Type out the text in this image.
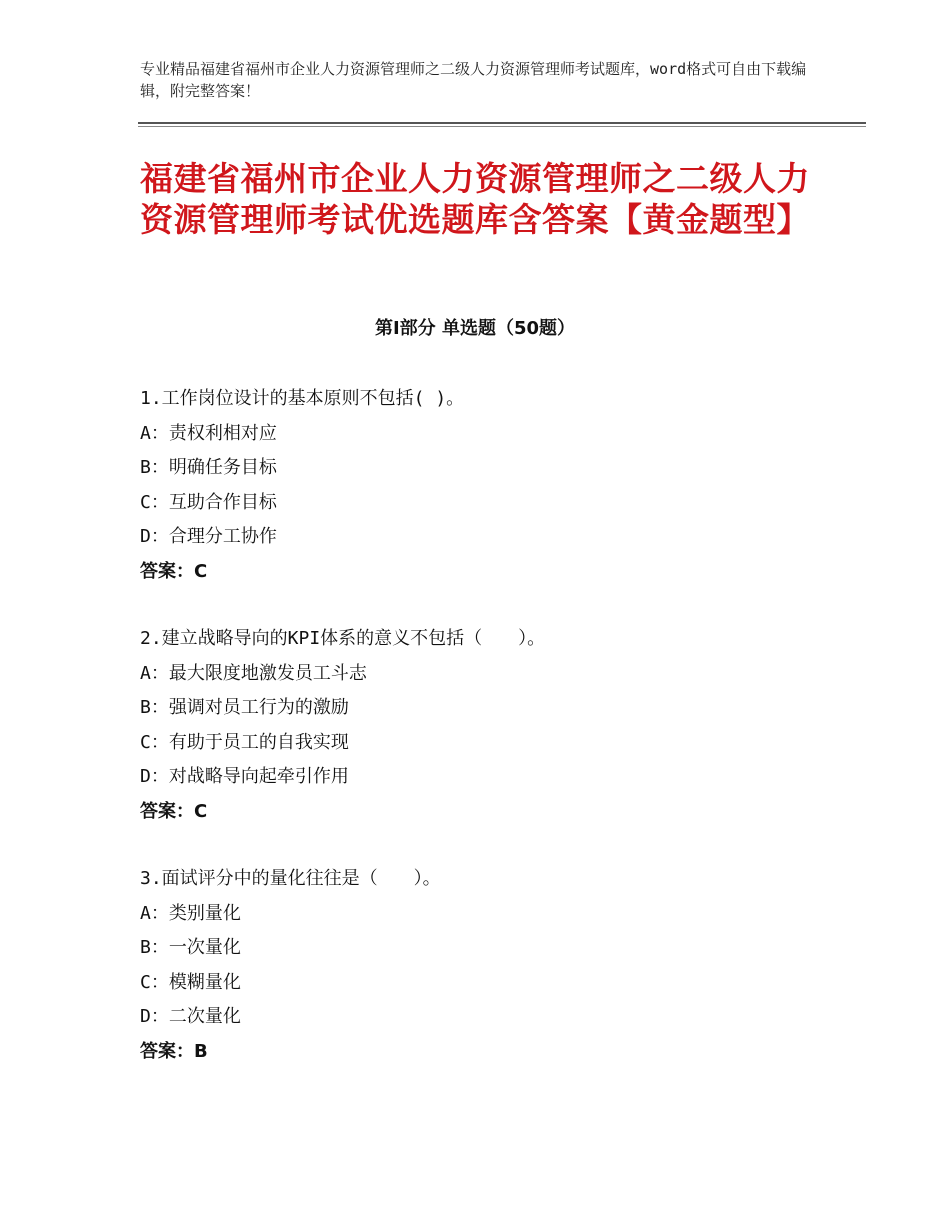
专业精品福建省福州市企业人力资源管理师之二级人力资源管理师考试题库，word格式可自由下载编辑，附完整答案！
福建省福州市企业人力资源管理师之二级人力资源管理师考试优选题库含答案【黄金题型】
第Ⅰ部分 单选题（50题）
1.工作岗位设计的基本原则不包括( )。
A：责权利相对应
B：明确任务目标
C：互助合作目标
D：合理分工协作
答案：C
2.建立战略导向的KPI体系的意义不包括（　　）。
A：最大限度地激发员工斗志
B：强调对员工行为的激励
C：有助于员工的自我实现
D：对战略导向起牵引作用
答案：C
3.面试评分中的量化往往是（　　）。
A：类别量化
B：一次量化
C：模糊量化
D：二次量化
答案：B
